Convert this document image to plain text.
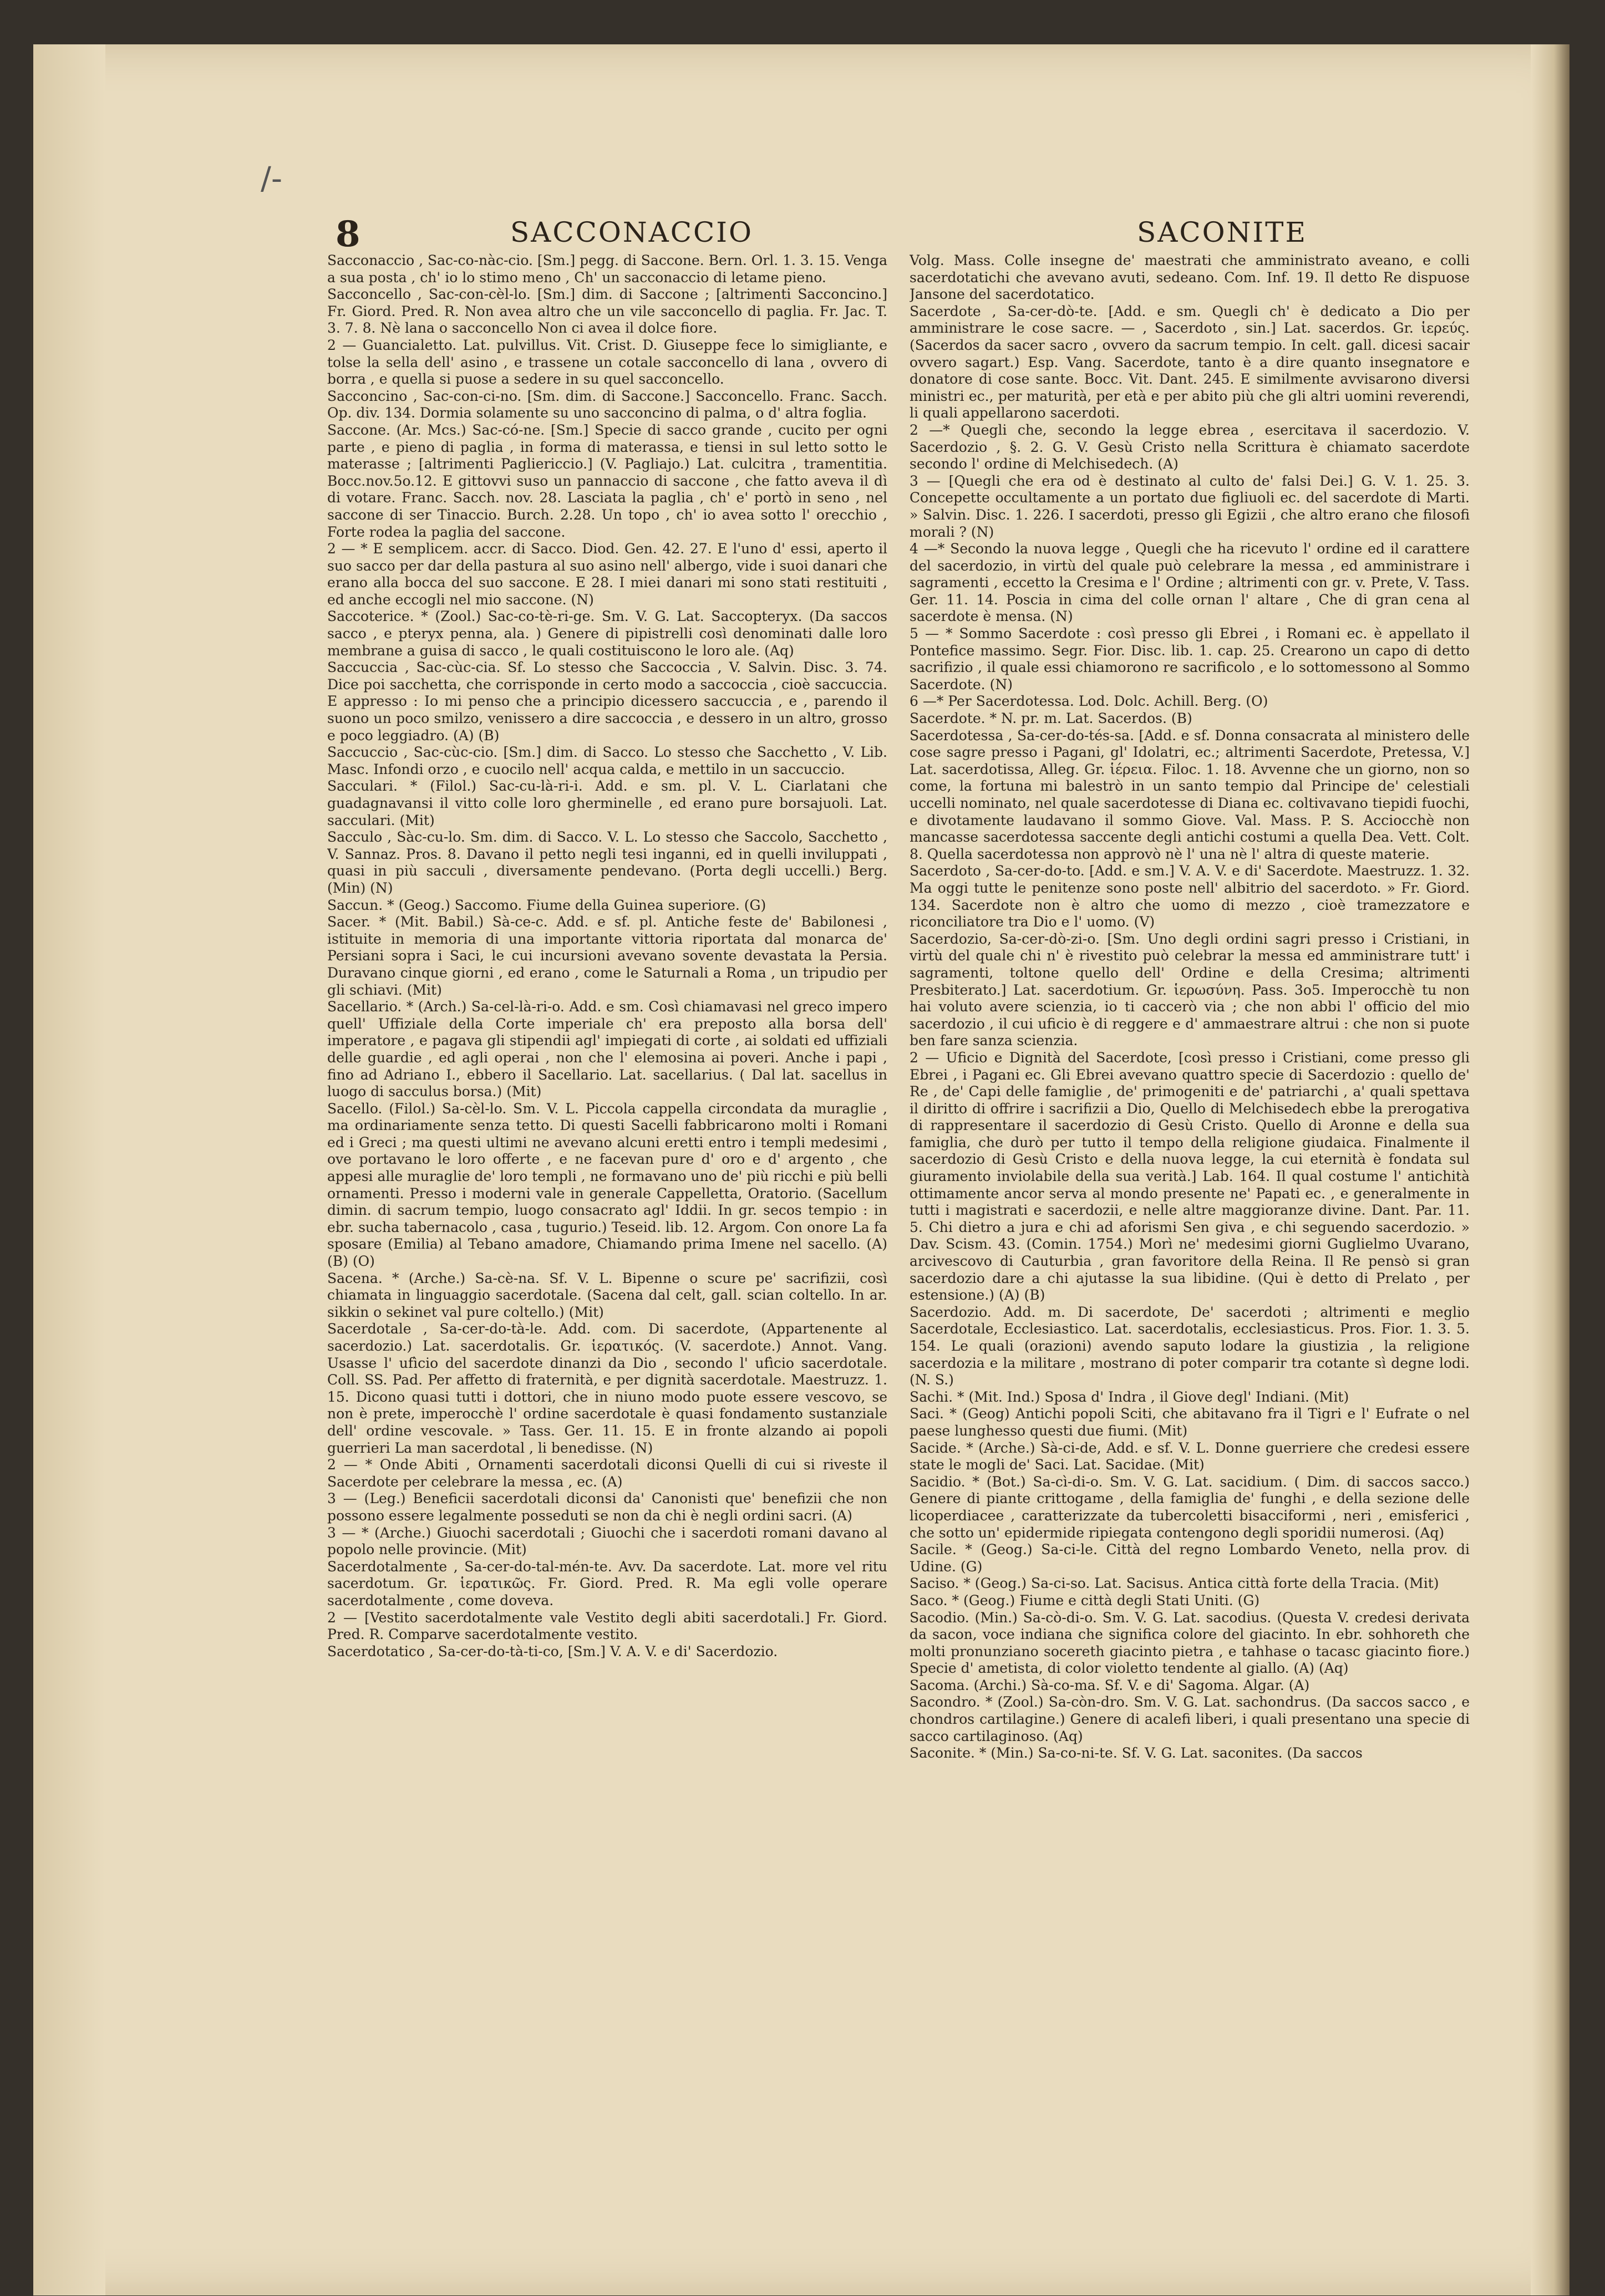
/-
8	SACCONACCIO	SACONITE

Sacconaccio , Sac-co-nàc-cio. [Sm.] pegg. di Saccone. Bern. Orl. 1. 3. 15. Venga a sua posta , ch' io lo stimo meno , Ch' un sacconaccio di letame pieno.

Sacconcello , Sac-con-cèl-lo. [Sm.] dim. di Saccone ; [altrimenti Sacconcino.] Fr. Giord. Pred. R. Non avea altro che un vile sacconcello di paglia. Fr. Jac. T. 3. 7. 8. Nè lana o sacconcello Non ci avea il dolce fiore.

2 — Guancialetto. Lat. pulvillus. Vit. Crist. D. Giuseppe fece lo simigliante, e tolse la sella dell' asino , e trassene un cotale sacconcello di lana , ovvero di borra , e quella si puose a sedere in su quel sacconcello.

Sacconcino , Sac-con-ci-no. [Sm. dim. di Saccone.] Sacconcello. Franc. Sacch. Op. div. 134. Dormia solamente su uno sacconcino di palma, o d' altra foglia.

Saccone. (Ar. Mcs.) Sac-có-ne. [Sm.] Specie di sacco grande , cucito per ogni parte , e pieno di paglia , in forma di materassa, e tiensi in sul letto sotto le materasse ; [altrimenti Pagliericcio.] (V. Pagliajo.) Lat. culcitra , tramentitia. Bocc.nov.5o.12. E gittovvi suso un pannaccio di saccone , che fatto aveva il dì di votare. Franc. Sacch. nov. 28. Lasciata la paglia , ch' e' portò in seno , nel saccone di ser Tinaccio. Burch. 2.28. Un topo , ch' io avea sotto l' orecchio , Forte rodea la paglia del saccone.

2 — * E semplicem. accr. di Sacco. Diod. Gen. 42. 27. E l'uno d' essi, aperto il suo sacco per dar della pastura al suo asino nell' albergo, vide i suoi danari che erano alla bocca del suo saccone. E 28. I miei danari mi sono stati restituiti , ed anche eccogli nel mio saccone. (N)

Saccoterice. * (Zool.) Sac-co-tè-ri-ge. Sm. V. G. Lat. Saccopteryx. (Da saccos sacco , e pteryx penna, ala. ) Genere di pipistrelli così denominati dalle loro membrane a guisa di sacco , le quali costituiscono le loro ale. (Aq)

Saccuccia , Sac-cùc-cia. Sf. Lo stesso che Saccoccia , V. Salvin. Disc. 3. 74. Dice poi sacchetta, che corrisponde in certo modo a saccoccia , cioè saccuccia. E appresso : Io mi penso che a principio dicessero saccuccia , e , parendo il suono un poco smilzo, venissero a dire saccoccia , e dessero in un altro, grosso e poco leggiadro. (A) (B)

Saccuccio , Sac-cùc-cio. [Sm.] dim. di Sacco. Lo stesso che Sacchetto , V. Lib. Masc. Infondi orzo , e cuocilo nell' acqua calda, e mettilo in un saccuccio.

Sacculari. * (Filol.) Sac-cu-là-ri-i. Add. e sm. pl. V. L. Ciarlatani che guadagnavansi il vitto colle loro gherminelle , ed erano pure borsajuoli. Lat. sacculari. (Mit)

Sacculo , Sàc-cu-lo. Sm. dim. di Sacco. V. L. Lo stesso che Saccolo, Sacchetto , V. Sannaz. Pros. 8. Davano il petto negli tesi inganni, ed in quelli inviluppati , quasi in più sacculi , diversamente pendevano. (Porta degli uccelli.) Berg. (Min) (N)

Saccun. * (Geog.) Saccomo. Fiume della Guinea superiore. (G)

Sacer. * (Mit. Babil.) Sà-ce-c. Add. e sf. pl. Antiche feste de' Babilonesi , istituite in memoria di una importante vittoria riportata dal monarca de' Persiani sopra i Saci, le cui incursioni avevano sovente devastata la Persia. Duravano cinque giorni , ed erano , come le Saturnali a Roma , un tripudio per gli schiavi. (Mit)

Sacellario. * (Arch.) Sa-cel-là-ri-o. Add. e sm. Così chiamavasi nel greco impero quell' Uffiziale della Corte imperiale ch' era preposto alla borsa dell' imperatore , e pagava gli stipendii agl' impiegati di corte , ai soldati ed uffiziali delle guardie , ed agli operai , non che l' elemosina ai poveri. Anche i papi , fino ad Adriano I., ebbero il Sacellario. Lat. sacellarius. ( Dal lat. sacellus in luogo di sacculus borsa.) (Mit)

Sacello. (Filol.) Sa-cèl-lo. Sm. V. L. Piccola cappella circondata da muraglie , ma ordinariamente senza tetto. Di questi Sacelli fabbricarono molti i Romani ed i Greci ; ma questi ultimi ne avevano alcuni eretti entro i templi medesimi , ove portavano le loro offerte , e ne facevan pure d' oro e d' argento , che appesi alle muraglie de' loro templi , ne formavano uno de' più ricchi e più belli ornamenti. Presso i moderni vale in generale Cappelletta, Oratorio. (Sacellum dimin. di sacrum tempio, luogo consacrato agl' Iddii. In gr. secos tempio : in ebr. sucha tabernacolo , casa , tugurio.) Teseid. lib. 12. Argom. Con onore La fa sposare (Emilia) al Tebano amadore, Chiamando prima Imene nel sacello. (A) (B) (O)

Sacena. * (Arche.) Sa-cè-na. Sf. V. L. Bipenne o scure pe' sacrifizii, così chiamata in linguaggio sacerdotale. (Sacena dal celt, gall. scian coltello. In ar. sikkin o sekinet val pure coltello.) (Mit)

Sacerdotale , Sa-cer-do-tà-le. Add. com. Di sacerdote, (Appartenente al sacerdozio.) Lat. sacerdotalis. Gr. ἱερατικός. (V. sacerdote.) Annot. Vang. Usasse l' ufìcio del sacerdote dinanzi da Dio , secondo l' ufìcio sacerdotale. Coll. SS. Pad. Per affetto di fraternità, e per dignità sacerdotale. Maestruzz. 1. 15. Dicono quasi tutti i dottori, che in niuno modo puote essere vescovo, se non è prete, imperocchè l' ordine sacerdotale è quasi fondamento sustanziale dell' ordine vescovale. » Tass. Ger. 11. 15. E in fronte alzando ai popoli guerrieri La man sacerdotal , li benedisse. (N)

2 — * Onde Abiti , Ornamenti sacerdotali diconsi Quelli di cui si riveste il Sacerdote per celebrare la messa , ec. (A)

3 — (Leg.) Beneficii sacerdotali diconsi da' Canonisti que' benefizii che non possono essere legalmente posseduti se non da chi è negli ordini sacri. (A)

3 — * (Arche.) Giuochi sacerdotali ; Giuochi che i sacerdoti romani davano al popolo nelle provincie. (Mit)

Sacerdotalmente , Sa-cer-do-tal-mén-te. Avv. Da sacerdote. Lat. more vel ritu sacerdotum. Gr. ἱερατικῶς. Fr. Giord. Pred. R. Ma egli volle operare sacerdotalmente , come doveva.

2 — [Vestito sacerdotalmente vale Vestito degli abiti sacerdotali.] Fr. Giord. Pred. R. Comparve sacerdotalmente vestito.

Sacerdotatico , Sa-cer-do-tà-ti-co, [Sm.] V. A. V. e di' Sacerdozio.

Volg. Mass. Colle insegne de' maestrati che amministrato aveano, e colli sacerdotatichi che avevano avuti, sedeano. Com. Inf. 19. Il detto Re dispuose Jansone del sacerdotatico.

Sacerdote , Sa-cer-dò-te. [Add. e sm. Quegli ch' è dedicato a Dio per amministrare le cose sacre. — , Sacerdoto , sin.] Lat. sacerdos. Gr. ἱερεύς. (Sacerdos da sacer sacro , ovvero da sacrum tempio. In celt. gall. dicesi sacair ovvero sagart.) Esp. Vang. Sacerdote, tanto è a dire quanto insegnatore e donatore di cose sante. Bocc. Vit. Dant. 245. E similmente avvisarono diversi ministri ec., per maturità, per età e per abito più che gli altri uomini reverendi, li quali appellarono sacerdoti.

2 —* Quegli che, secondo la legge ebrea , esercitava il sacerdozio. V. Sacerdozio , §. 2. G. V. Gesù Cristo nella Scrittura è chiamato sacerdote secondo l' ordine di Melchisedech. (A)

3 — [Quegli che era od è destinato al culto de' falsi Dei.] G. V. 1. 25. 3. Concepette occultamente a un portato due figliuoli ec. del sacerdote di Marti. » Salvin. Disc. 1. 226. I sacerdoti, presso gli Egizii , che altro erano che filosofi morali ? (N)

4 —* Secondo la nuova legge , Quegli che ha ricevuto l' ordine ed il carattere del sacerdozio, in virtù del quale può celebrare la messa , ed amministrare i sagramenti , eccetto la Cresima e l' Ordine ; altrimenti con gr. v. Prete, V. Tass. Ger. 11. 14. Poscia in cima del colle ornan l' altare , Che di gran cena al sacerdote è mensa. (N)

5 — * Sommo Sacerdote : così presso gli Ebrei , i Romani ec. è appellato il Pontefice massimo. Segr. Fior. Disc. lib. 1. cap. 25. Crearono un capo di detto sacrifizio , il quale essi chiamorono re sacrificolo , e lo sottomessono al Sommo Sacerdote. (N)

6 —* Per Sacerdotessa. Lod. Dolc. Achill. Berg. (O)

Sacerdote. * N. pr. m. Lat. Sacerdos. (B)

Sacerdotessa , Sa-cer-do-tés-sa. [Add. e sf. Donna consacrata al ministero delle cose sagre presso i Pagani, gl' Idolatri, ec.; altrimenti Sacerdote, Pretessa, V.] Lat. sacerdotissa, Alleg. Gr. ἱέρεια. Filoc. 1. 18. Avvenne che un giorno, non so come, la fortuna mi balestrò in un santo tempio dal Principe de' celestiali uccelli nominato, nel quale sacerdotesse di Diana ec. coltivavano tiepidi fuochi, e divotamente laudavano il sommo Giove. Val. Mass. P. S. Acciocchè non mancasse sacerdotessa saccente degli antichi costumi a quella Dea. Vett. Colt. 8. Quella sacerdotessa non approvò nè l' una nè l' altra di queste materie.

Sacerdoto , Sa-cer-do-to. [Add. e sm.] V. A. V. e di' Sacerdote. Maestruzz. 1. 32. Ma oggi tutte le penitenze sono poste nell' albitrio del sacerdoto. » Fr. Giord. 134. Sacerdote non è altro che uomo di mezzo , cioè tramezzatore e riconciliatore tra Dio e l' uomo. (V)

Sacerdozio, Sa-cer-dò-zi-o. [Sm. Uno degli ordini sagri presso i Cristiani, in virtù del quale chi n' è rivestito può celebrar la messa ed amministrare tutt' i sagramenti, toltone quello dell' Ordine e della Cresima; altrimenti Presbiterato.] Lat. sacerdotium. Gr. ἱερωσύνη. Pass. 3o5. Imperocchè tu non hai voluto avere scienzia, io ti caccerò via ; che non abbi l' officio del mio sacerdozio , il cui uficio è di reggere e d' ammaestrare altrui : che non si puote ben fare sanza scienzia.

2 — Uficio e Dignità del Sacerdote, [così presso i Cristiani, come presso gli Ebrei , i Pagani ec. Gli Ebrei avevano quattro specie di Sacerdozio : quello de' Re , de' Capi delle famiglie , de' primogeniti e de' patriarchi , a' quali spettava il diritto di offrire i sacrifizii a Dio, Quello di Melchisedech ebbe la prerogativa di rappresentare il sacerdozio di Gesù Cristo. Quello di Aronne e della sua famiglia, che durò per tutto il tempo della religione giudaica. Finalmente il sacerdozio di Gesù Cristo e della nuova legge, la cui eternità è fondata sul giuramento inviolabile della sua verità.] Lab. 164. Il qual costume l' antichità ottimamente ancor serva al mondo presente ne' Papati ec. , e generalmente in tutti i magistrati e sacerdozii, e nelle altre maggioranze divine. Dant. Par. 11. 5. Chi dietro a jura e chi ad aforismi Sen giva , e chi seguendo sacerdozio. » Dav. Scism. 43. (Comin. 1754.) Morì ne' medesimi giorni Guglielmo Uvarano, arcivescovo di Cauturbia , gran favoritore della Reina. Il Re pensò si gran sacerdozio dare a chi ajutasse la sua libidine. (Qui è detto di Prelato , per estensione.) (A) (B)

Sacerdozio. Add. m. Di sacerdote, De' sacerdoti ; altrimenti e meglio Sacerdotale, Ecclesiastico. Lat. sacerdotalis, ecclesiasticus. Pros. Fior. 1. 3. 5. 154. Le quali (orazioni) avendo saputo lodare la giustizia , la religione sacerdozia e la militare , mostrano di poter comparir tra cotante sì degne lodi. (N. S.)

Sachi. * (Mit. Ind.) Sposa d' Indra , il Giove degl' Indiani. (Mit)

Saci. * (Geog) Antichi popoli Sciti, che abitavano fra il Tigri e l' Eufrate o nel paese lunghesso questi due fiumi. (Mit)

Sacide. * (Arche.) Sà-ci-de, Add. e sf. V. L. Donne guerriere che credesi essere state le mogli de' Saci. Lat. Sacidae. (Mit)

Sacidio. * (Bot.) Sa-cì-di-o. Sm. V. G. Lat. sacidium. ( Dim. di saccos sacco.) Genere di piante crittogame , della famiglia de' funghi , e della sezione delle licoperdiacee , caratterizzate da tubercoletti bisacciformi , neri , emisferici , che sotto un' epidermide ripiegata contengono degli sporidii numerosi. (Aq)

Sacile. * (Geog.) Sa-ci-le. Città del regno Lombardo Veneto, nella prov. di Udine. (G)

Saciso. * (Geog.) Sa-ci-so. Lat. Sacisus. Antica città forte della Tracia. (Mit)

Saco. * (Geog.) Fiume e città degli Stati Uniti. (G)

Sacodio. (Min.) Sa-cò-di-o. Sm. V. G. Lat. sacodius. (Questa V. credesi derivata da sacon, voce indiana che significa colore del giacinto. In ebr. sohhoreth che molti pronunziano socereth giacinto pietra , e tahhase o tacasc giacinto fiore.) Specie d' ametista, di color violetto tendente al giallo. (A) (Aq)

Sacoma. (Archi.) Sà-co-ma. Sf. V. e di' Sagoma. Algar. (A)

Sacondro. * (Zool.) Sa-còn-dro. Sm. V. G. Lat. sachondrus. (Da saccos sacco , e chondros cartilagine.) Genere di acalefi liberi, i quali presentano una specie di sacco cartilaginoso. (Aq)

Saconite. * (Min.) Sa-co-ni-te. Sf. V. G. Lat. saconites. (Da saccos
